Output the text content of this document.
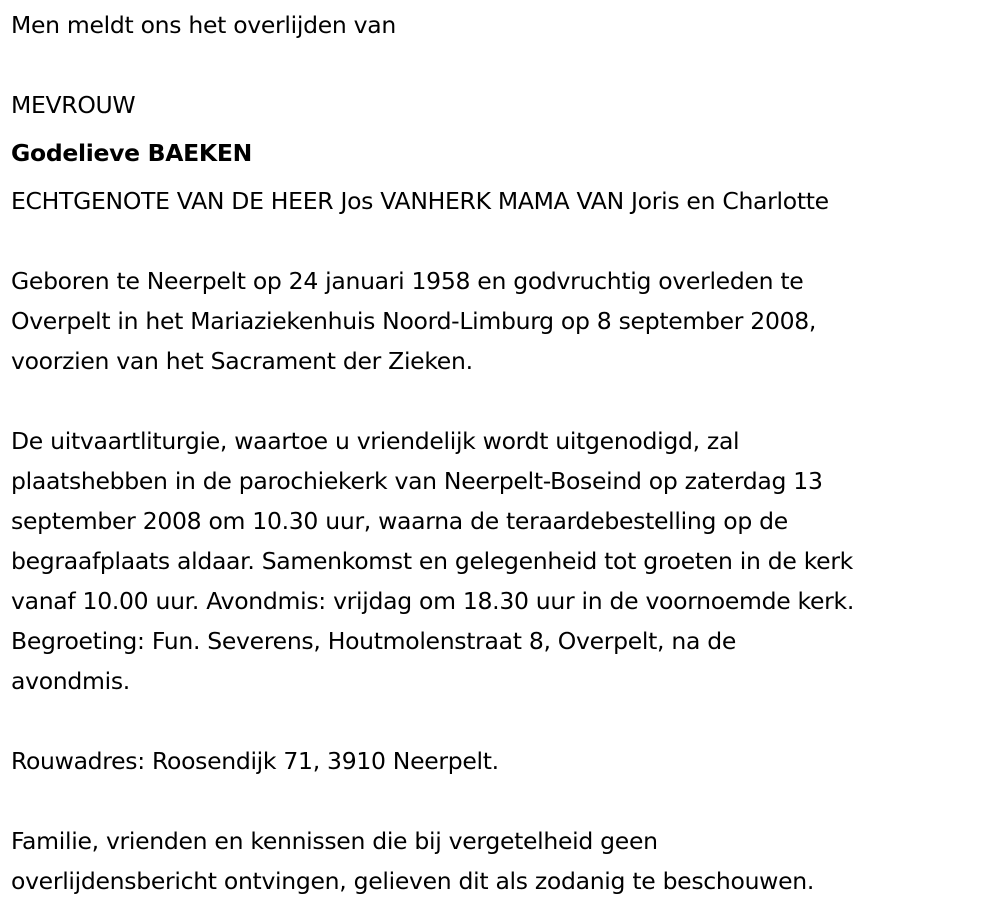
Men meldt ons het overlijden van
MEVROUW
Godelieve BAEKEN
ECHTGENOTE VAN DE HEER Jos VANHERK MAMA VAN Joris en Charlotte
Geboren te Neerpelt op 24 januari 1958 en godvruchtig overleden te
Overpelt in het Mariaziekenhuis Noord-Limburg op 8 september 2008,
voorzien van het Sacrament der Zieken.
De uitvaartliturgie, waartoe u vriendelijk wordt uitgenodigd, zal
plaatshebben in de parochiekerk van Neerpelt-Boseind op zaterdag 13
september 2008 om 10.30 uur, waarna de teraardebestelling op de
begraafplaats aldaar. Samenkomst en gelegenheid tot groeten in de kerk
vanaf 10.00 uur. Avondmis: vrijdag om 18.30 uur in de voornoemde kerk.
Begroeting: Fun. Severens, Houtmolenstraat 8, Overpelt, na de
avondmis.
Rouwadres: Roosendijk 71, 3910 Neerpelt.
Familie, vrienden en kennissen die bij vergetelheid geen
overlijdensbericht ontvingen, gelieven dit als zodanig te beschouwen.
